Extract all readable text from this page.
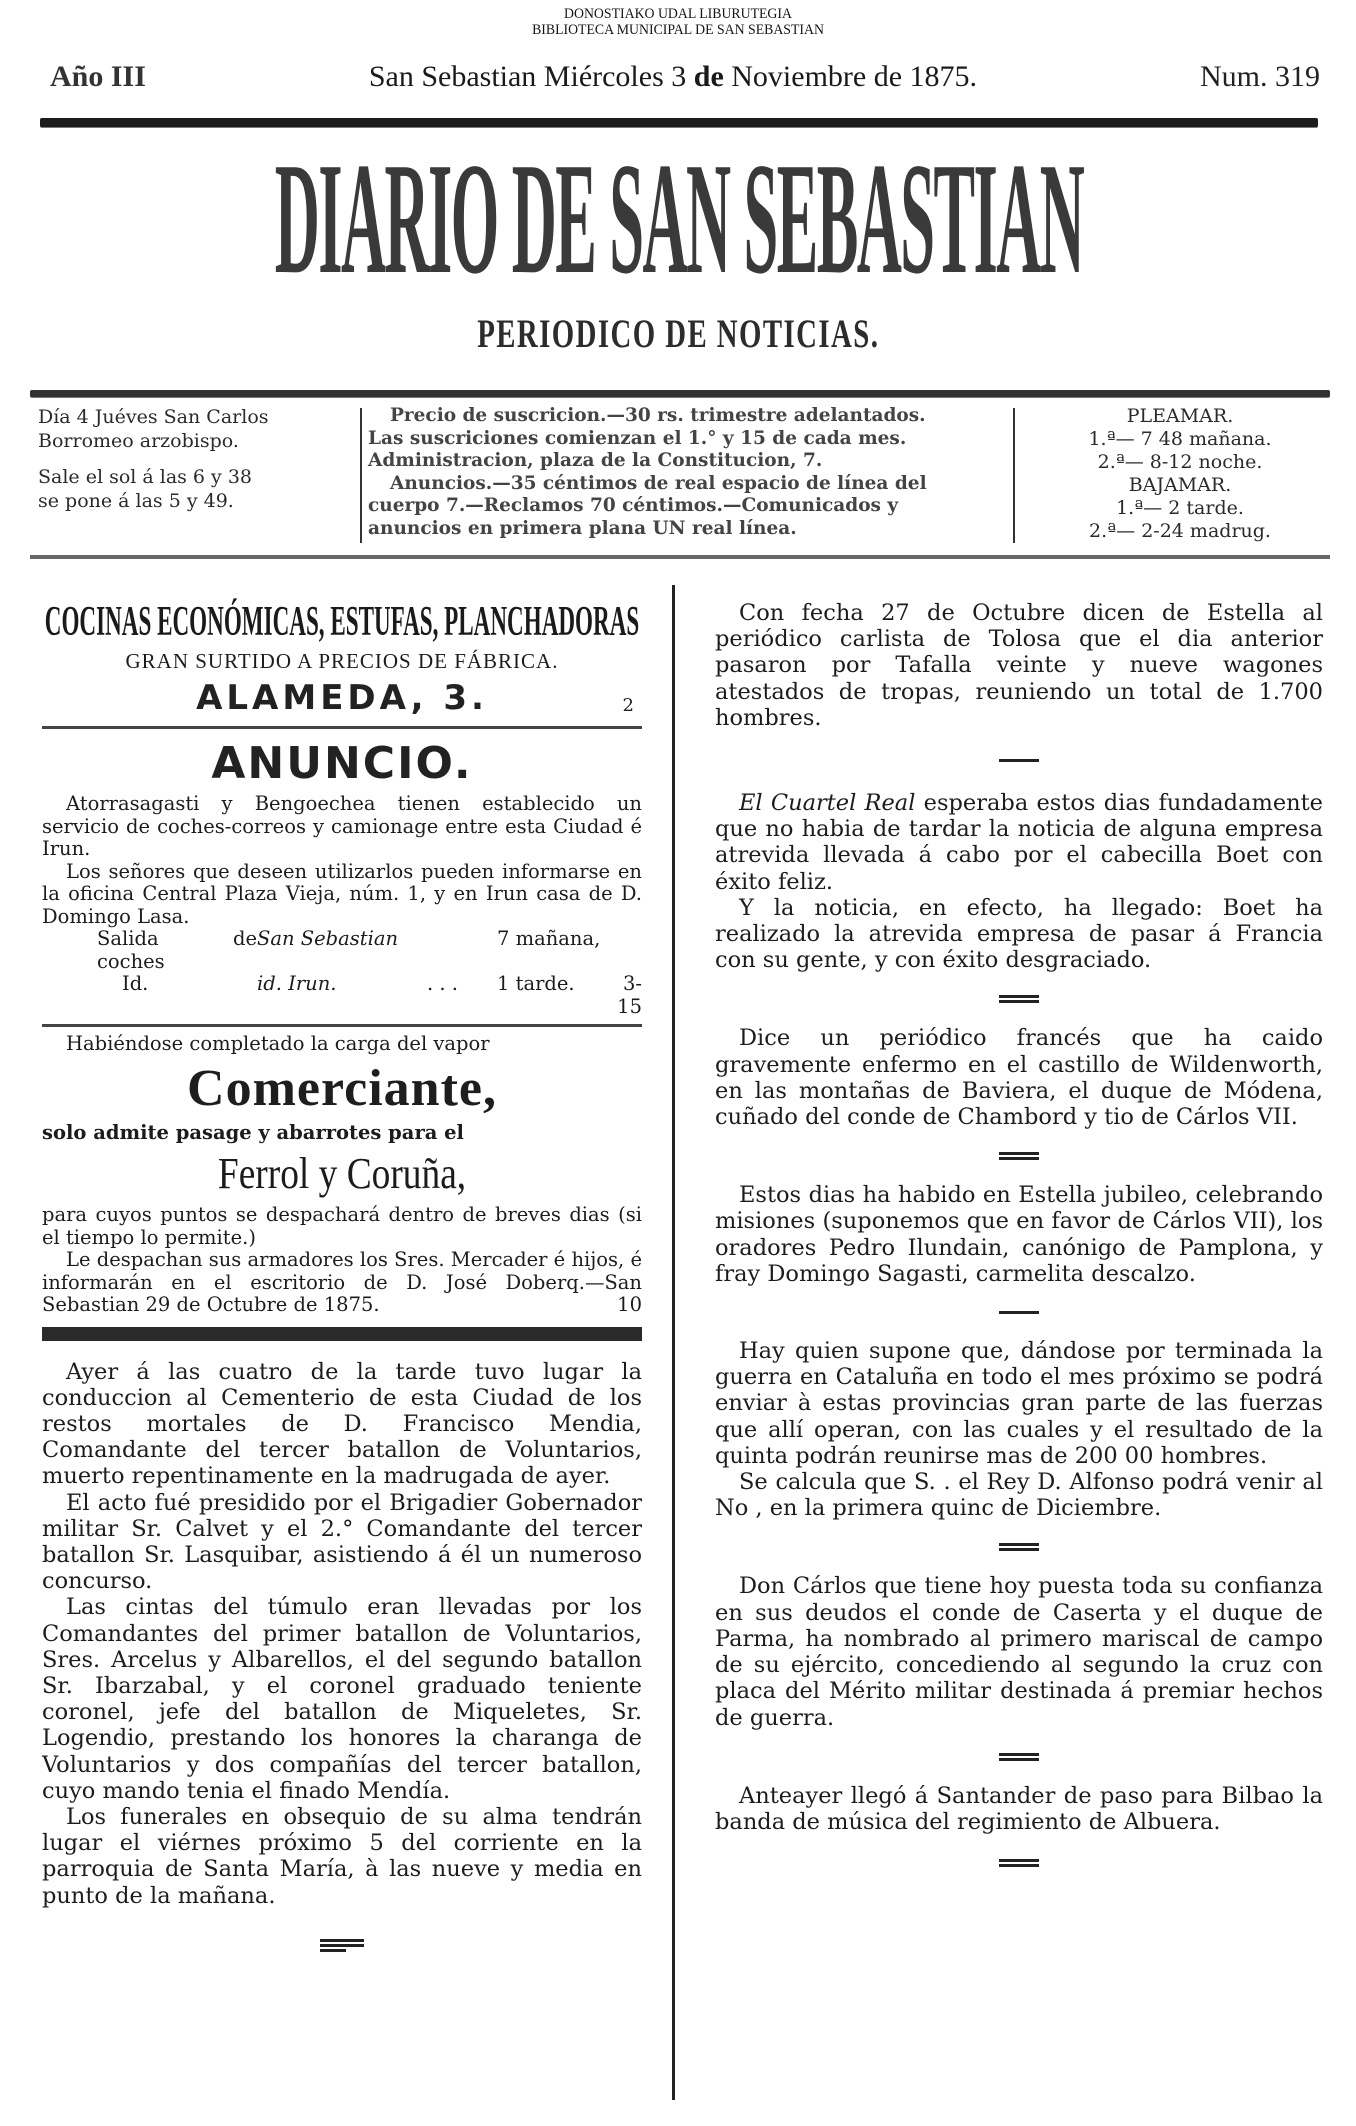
DONOSTIAKO UDAL LIBURUTEGIA
BIBLIOTECA MUNICIPAL DE SAN SEBASTIAN
Año III	San Sebastian Miércoles 3 de Noviembre de 1875.	Num. 319
DIARIO DE SAN SEBASTIAN
PERIODICO DE NOTICIAS.
Día 4 Juéves San Carlos
Borromeo arzobispo.
Sale el sol á las 6 y 38
se pone á las 5 y 49.
Precio de suscricion.—30 rs. trimestre adelantados.
Las suscriciones comienzan el 1.° y 15 de cada mes.
Administracion, plaza de la Constitucion, 7.
Anuncios.—35 céntimos de real espacio de línea del
cuerpo 7.—Reclamos 70 céntimos.—Comunicados y
anuncios en primera plana UN real línea.
PLEAMAR.
1.ª— 7 48 mañana.
2.ª— 8-12 noche.
BAJAMAR.
1.ª— 2 tarde.
2.ª— 2-24 madrug.
COCINAS ECONÓMICAS, ESTUFAS, PLANCHADORAS
GRAN SURTIDO A PRECIOS DE FÁBRICA.
ALAMEDA, 3.	2
ANUNCIO.

Atorrasagasti y Bengoechea tienen establecido un servicio de coches-correos y camionage entre esta Ciudad é Irun.

Los señores que deseen utilizarlos pueden informarse en la oficina Central Plaza Vieja, núm. 1, y en Irun casa de D. Domingo Lasa.

Salida de coches
San Sebastian	7 mañana,
Id.	id. Irun.	. . .	1 tarde.	3-15

Habiéndose completado la carga del vapor

Comerciante,

solo admite pasage y abarrotes para el

Ferrol y Coruña,

para cuyos puntos se despachará dentro de breves dias (si el tiempo lo permite.)

Le despachan sus armadores los Sres. Mercader é hijos, é informarán en el escritorio de D. José Doberq.—San Sebastian 29 de Octubre de 1875.	10

Ayer á las cuatro de la tarde tuvo lugar la conduccion al Cementerio de esta Ciudad de los restos mortales de D. Francisco Mendia, Comandante del tercer batallon de Voluntarios, muerto repentinamente en la madrugada de ayer.

El acto fué presidido por el Brigadier Gobernador militar Sr. Calvet y el 2.° Comandante del tercer batallon Sr. Lasquibar, asistiendo á él un numeroso concurso.

Las cintas del túmulo eran llevadas por los Comandantes del primer batallon de Voluntarios, Sres. Arcelus y Albarellos, el del segundo batallon Sr. Ibarzabal, y el coronel graduado teniente coronel, jefe del batallon de Miqueletes, Sr. Logendio, prestando los honores la charanga de Voluntarios y dos compañías del tercer batallon, cuyo mando tenia el finado Mendía.

Los funerales en obsequio de su alma tendrán lugar el viérnes próximo 5 del corriente en la parroquia de Santa María, à las nueve y media en punto de la mañana.

Con fecha 27 de Octubre dicen de Estella al periódico carlista de Tolosa que el dia anterior pasaron por Tafalla veinte y nueve wagones atestados de tropas, reuniendo un total de 1.700 hombres.

El Cuartel Real esperaba estos dias fundadamente que no habia de tardar la noticia de alguna empresa atrevida llevada á cabo por el cabecilla Boet con éxito feliz.

Y la noticia, en efecto, ha llegado: Boet ha realizado la atrevida empresa de pasar á Francia con su gente, y con éxito desgraciado.

Dice un periódico francés que ha caido gravemente enfermo en el castillo de Wildenworth, en las montañas de Baviera, el duque de Módena, cuñado del conde de Chambord y tio de Cárlos VII.

Estos dias ha habido en Estella jubileo, celebrando misiones (suponemos que en favor de Cárlos VII), los oradores Pedro Ilundain, canónigo de Pamplona, y fray Domingo Sagasti, carmelita descalzo.

Hay quien supone que, dándose por terminada la guerra en Cataluña en todo el mes próximo se podrá enviar à estas provincias gran parte de las fuerzas que allí operan, con las cuales y el resultado de la quinta podrán reunirse mas de 200 00 hombres.

Se calcula que S. . el Rey D. Alfonso podrá venir al No , en la primera quinc de Diciembre.

Don Cárlos que tiene hoy puesta toda su confianza en sus deudos el conde de Caserta y el duque de Parma, ha nombrado al primero mariscal de campo de su ejército, concediendo al segundo la cruz con placa del Mérito militar destinada á premiar hechos de guerra.

Anteayer llegó á Santander de paso para Bilbao la banda de música del regimiento de Albuera.
